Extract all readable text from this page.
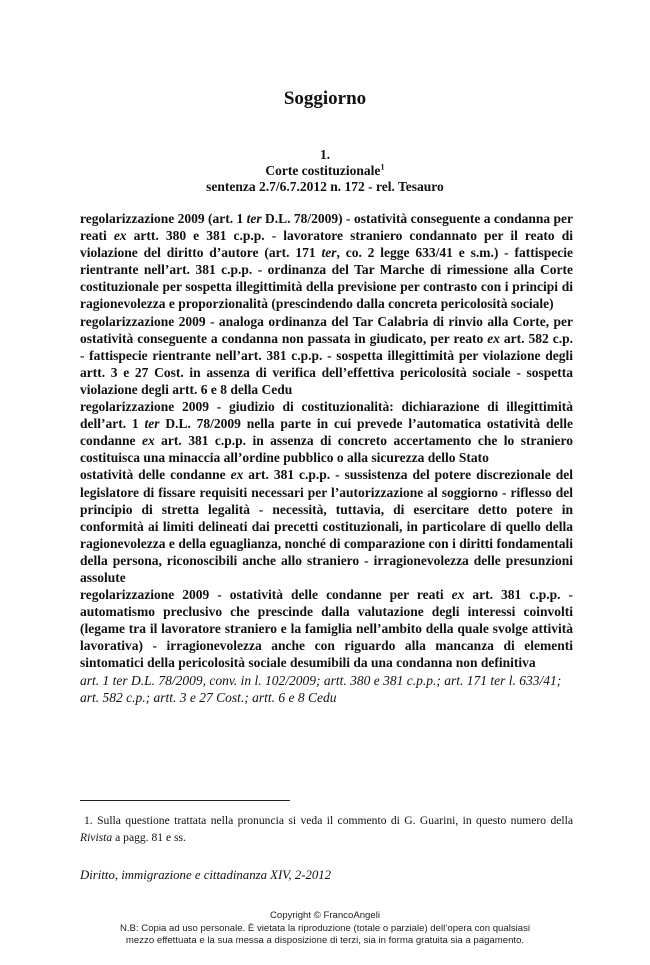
Soggiorno
1.
Corte costituzionale$^1$
sentenza 2.7/6.7.2012 n. 172 - rel. Tesauro

regolarizzazione 2009 (art. 1 ter D.L. 78/2009) - ostatività conseguente a condanna per reati ex artt. 380 e 381 c.p.p. - lavoratore straniero condannato per il reato di violazione del diritto d’autore (art. 171 ter, co. 2 legge 633/41 e s.m.) - fattispecie rientrante nell’art. 381 c.p.p. - ordinanza del Tar Marche di rimessione alla Corte costituzionale per sospetta illegittimità della previsione per contrasto con i principi di ragionevolezza e proporzionalità (prescindendo dalla concreta pericolosità sociale)

regolarizzazione 2009 - analoga ordinanza del Tar Calabria di rinvio alla Corte, per ostatività conseguente a condanna non passata in giudicato, per reato ex art. 582 c.p. - fattispecie rientrante nell’art. 381 c.p.p. - sospetta illegittimità per violazione degli artt. 3 e 27 Cost. in assenza di verifica dell’effettiva pericolosità sociale - sospetta violazione degli artt. 6 e 8 della Cedu

regolarizzazione 2009 - giudizio di costituzionalità: dichiarazione di illegittimità dell’art. 1 ter D.L. 78/2009 nella parte in cui prevede l’automatica ostatività delle condanne ex art. 381 c.p.p. in assenza di concreto accertamento che lo straniero costituisca una minaccia all’ordine pubblico o alla sicurezza dello Stato

ostatività delle condanne ex art. 381 c.p.p. - sussistenza del potere discrezionale del legislatore di fissare requisiti necessari per l’autorizzazione al soggiorno - riflesso del principio di stretta legalità - necessità, tuttavia, di esercitare detto potere in conformità ai limiti delineati dai precetti costituzionali, in particolare di quello della ragionevolezza e della eguaglianza, nonché di comparazione con i diritti fondamentali della persona, riconoscibili anche allo straniero - irragionevolezza delle presunzioni assolute

regolarizzazione 2009 - ostatività delle condanne per reati ex art. 381 c.p.p. - automatismo preclusivo che prescinde dalla valutazione degli interessi coinvolti (legame tra il lavoratore straniero e la famiglia nell’ambito della quale svolge attività lavorativa) - irragionevolezza anche con riguardo alla mancanza di elementi sintomatici della pericolosità sociale desumibili da una condanna non definitiva

art. 1 ter D.L. 78/2009, conv. in l. 102/2009; artt. 380 e 381 c.p.p.; art. 171 ter l. 633/41; art. 582 c.p.; artt. 3 e 27 Cost.; artt. 6 e 8 Cedu

1. Sulla questione trattata nella pronuncia si veda il commento di G. Guarini, in questo numero della Rivista a pagg. 81 e ss.
Diritto, immigrazione e cittadinanza XIV, 2-2012
Copyright © FrancoAngeli
N.B: Copia ad uso personale. È vietata la riproduzione (totale o parziale) dell’opera con qualsiasi
mezzo effettuata e la sua messa a disposizione di terzi, sia in forma gratuita sia a pagamento.
